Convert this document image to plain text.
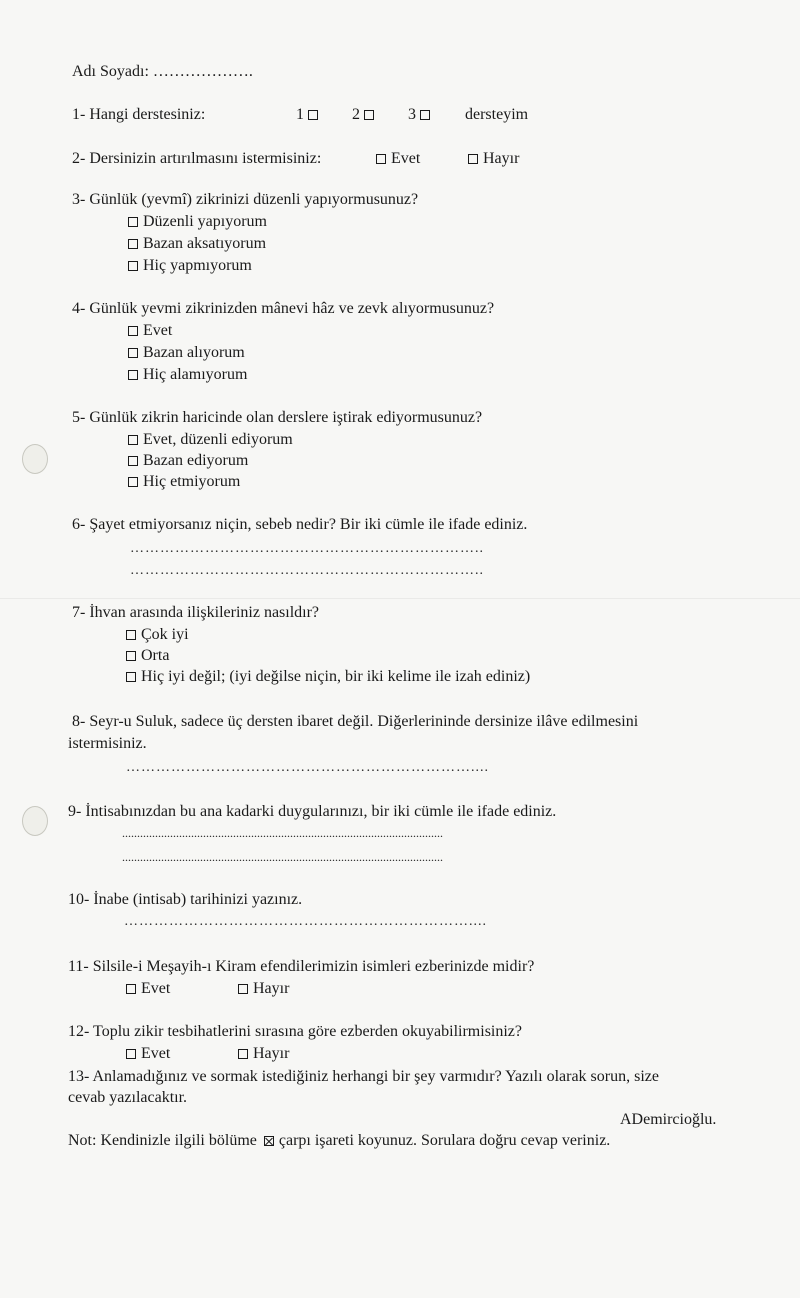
Adı Soyadı: ……………….
1- Hangi derstesiniz:	1	2	3	dersteyim
2- Dersinizin artırılmasını istermisiniz:	Evet	Hayır
3- Günlük (yevmî) zikrinizi düzenli yapıyormusunuz?
Düzenli yapıyorum
Bazan aksatıyorum
Hiç yapmıyorum
4- Günlük yevmi zikrinizden mânevi hâz ve zevk alıyormusunuz?
Evet
Bazan alıyorum
Hiç alamıyorum
5- Günlük zikrin haricinde olan derslere iştirak ediyormusunuz?
Evet, düzenli ediyorum
Bazan ediyorum
Hiç etmiyorum
6- Şayet etmiyorsanız niçin, sebeb nedir? Bir iki cümle ile ifade ediniz.
……………………………………………………………..
……………………………………………………………..
7- İhvan arasında ilişkileriniz nasıldır?
Çok iyi
Orta
Hiç iyi değil; (iyi değilse niçin, bir iki kelime ile izah ediniz)
8- Seyr-u Suluk, sadece üç dersten ibaret değil. Diğerlerininde dersinize ilâve edilmesini
istermisiniz.
……………………………………………………………....
9- İntisabınızdan bu ana kadarki duygularınızı, bir iki cümle ile ifade ediniz.
...........................................................................................................
...........................................................................................................
10- İnabe (intisab) tarihinizi yazınız.
……………………………………………………………....
11- Silsile-i Meşayih-ı Kiram efendilerimizin isimleri ezberinizde midir?
Evet	Hayır
12- Toplu zikir tesbihatlerini sırasına göre ezberden okuyabilirmisiniz?
Evet	Hayır
13- Anlamadığınız ve sormak istediğiniz herhangi bir şey varmıdır? Yazılı olarak sorun, size
cevab yazılacaktır.
ADemircioğlu.
Not: Kendinizle ilgili bölüme çarpı işareti koyunuz. Sorulara doğru cevap veriniz.
